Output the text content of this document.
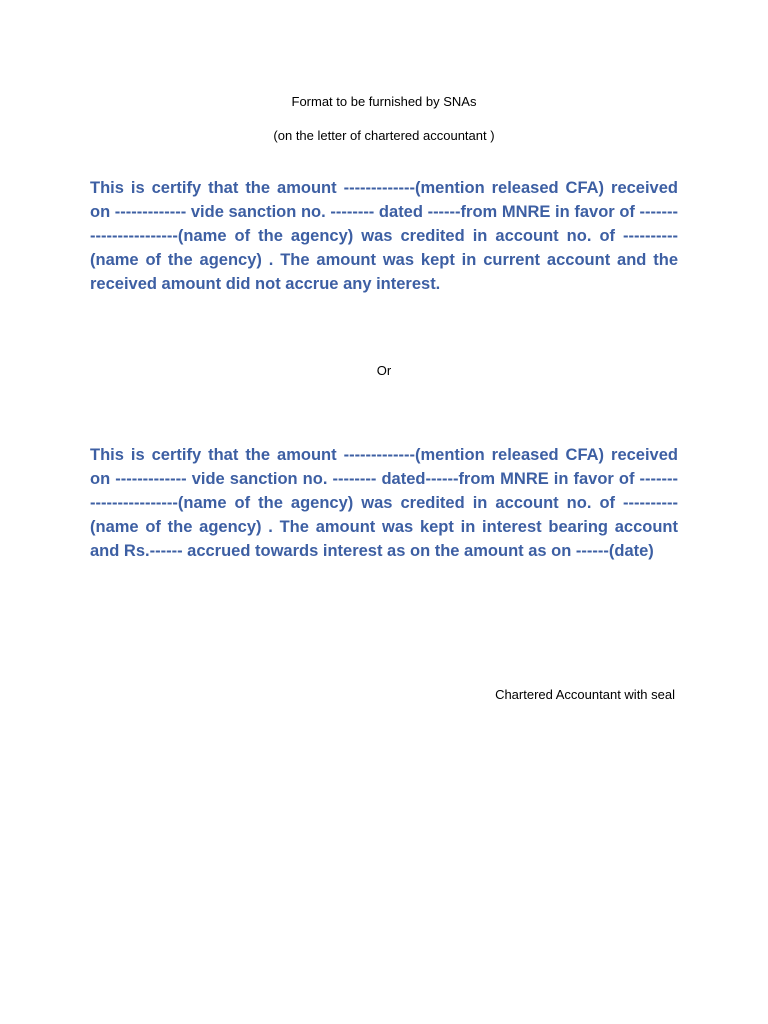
Format to be furnished by SNAs
(on the letter of chartered accountant )

This is certify that the amount -------------(mention released CFA) received on ------------- vide sanction no. -------- dated ------from MNRE in favor of -----------------------(name of the agency) was credited in account no. of ----------(name of the agency) . The amount was kept in current account and the received amount did not accrue any interest.

Or

This is certify that the amount -------------(mention released CFA) received on ------------- vide sanction no. -------- dated------from MNRE in favor of -----------------------(name of the agency) was credited in account no. of ----------(name of the agency) . The amount was kept in interest bearing account and Rs.------ accrued towards interest as on the amount as on ------(date)

Chartered Accountant with seal
